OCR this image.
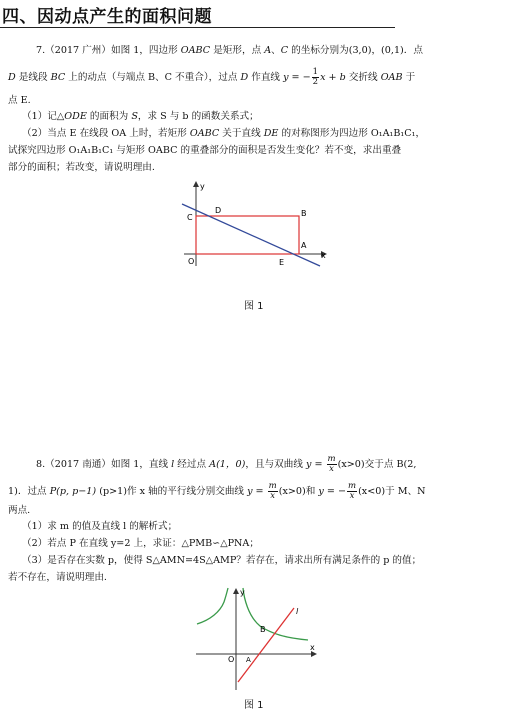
四、因动点产生的面积问题
7.（2017 广州）如图 1，四边形 OABC 是矩形，点 A、C 的坐标分别为(3,0)，(0,1)．点
D 是线段 BC 上的动点（与端点 B、C 不重合），过点 D 作直线 y = − $\frac{1}{2}$ x + b 交折线 OAB 于
点 E.
（1）记△ODE 的面积为 S，求 S 与 b 的函数关系式；
（2）当点 E 在线段 OA 上时，若矩形 OABC 关于直线 DE 的对称图形为四边形 O₁A₁B₁C₁，
试探究四边形 O₁A₁B₁C₁ 与矩形 OABC 的重叠部分的面积是否发生变化？若不变，求出重叠
部分的面积；若改变，请说明理由.
y
x
C
D	B
A
O	E
图 1
8.（2017 南通）如图 1，直线 l 经过点 A(1，0)，且与双曲线 $y = \frac{m}{x} (x>0)$交于点 B(2,
1)．过点 P(p, p−1) (p>1)作 x 轴的平行线分别交曲线 $y = \frac{m}{x} (x>0)$和 y = − $\frac{m}{x} (x<0)$于 M、N
两点.
（1）求 m 的值及直线 l 的解析式；
（2）若点 P 在直线 y=2 上，求证：△PMB∽△PNA；
（3）是否存在实数 p，使得 S△AMN=4S△AMP？若存在，请求出所有满足条件的 p 的值；
若不存在，请说明理由.
y
x
l
B
O A
图 1
